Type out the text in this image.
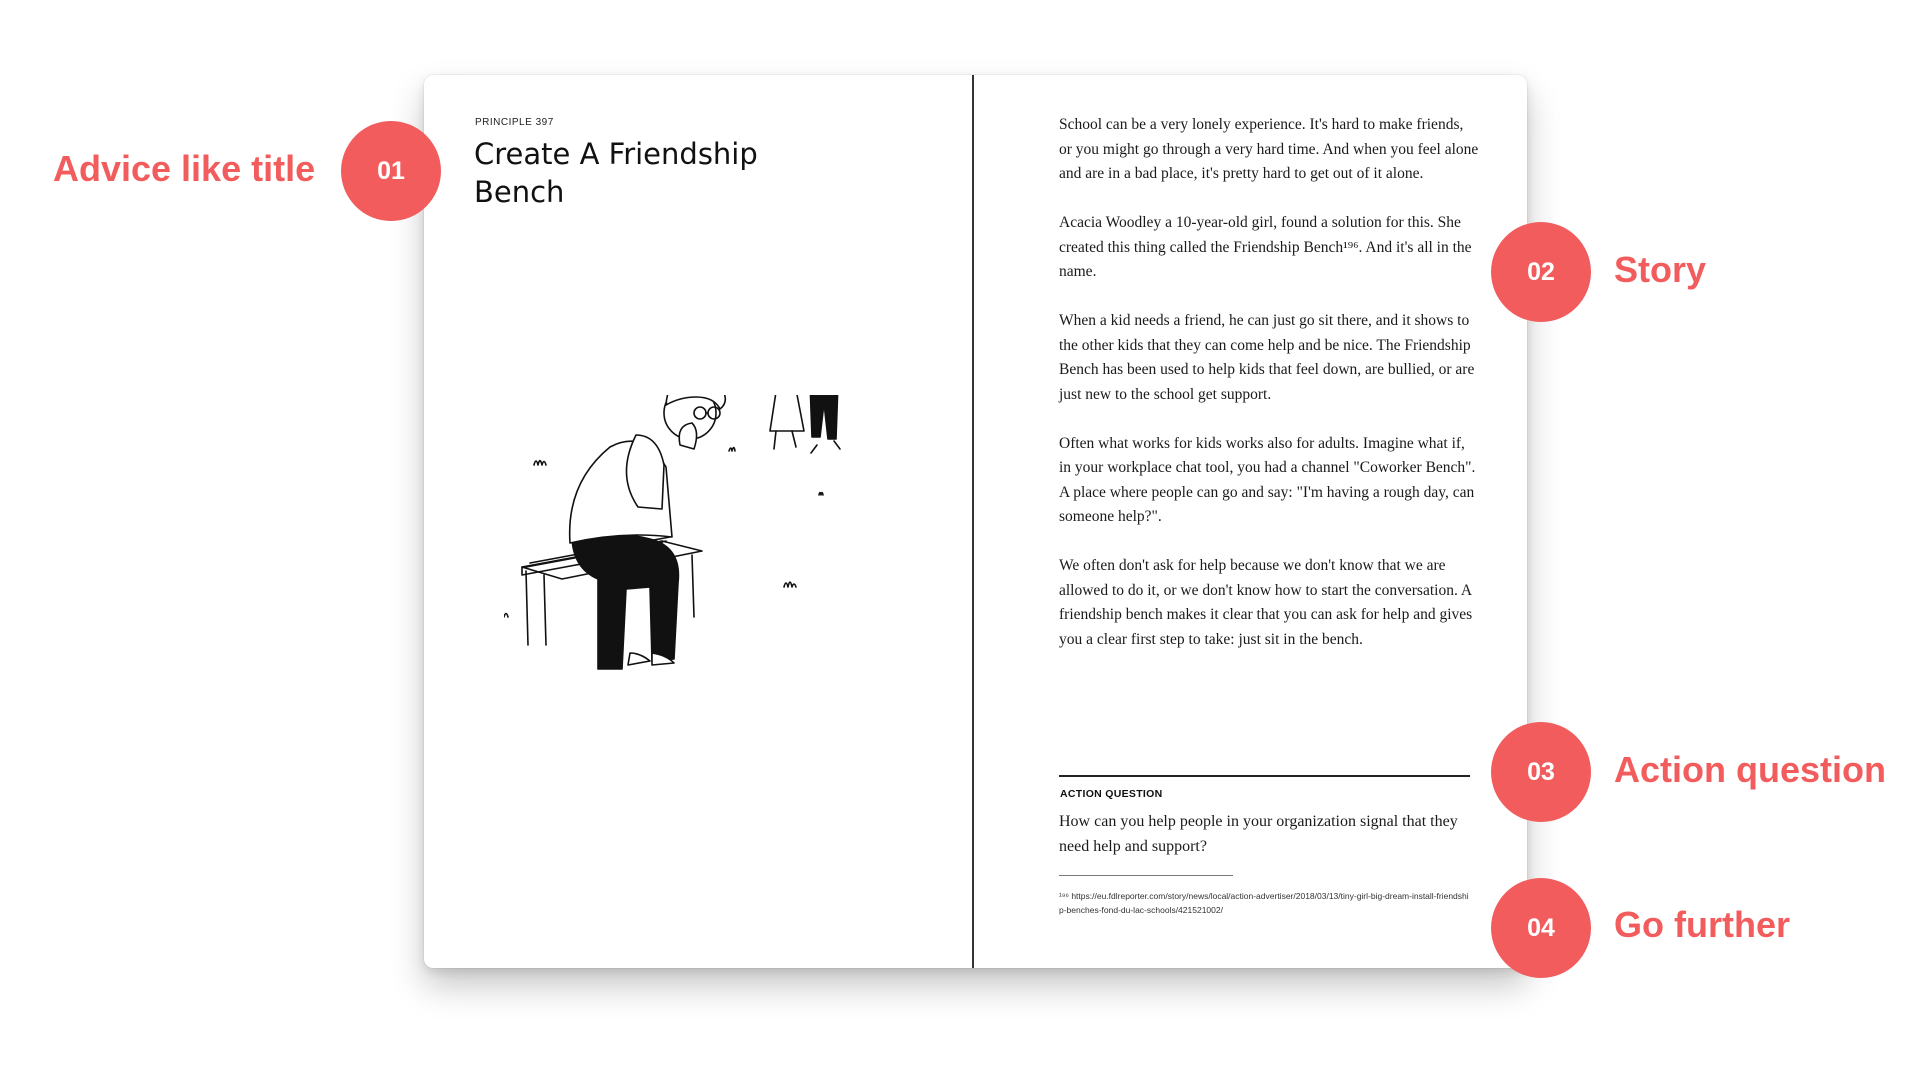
PRINCIPLE 397
Create A Friendship Bench

School can be a very lonely experience. It's hard to make friends, or you might go through a very hard time. And when you feel alone and are in a bad place, it's pretty hard to get out of it alone.

Acacia Woodley a 10-year-old girl, found a solution for this. She created this thing called the Friendship Bench¹⁹⁶. And it's all in the name.

When a kid needs a friend, he can just go sit there, and it shows to the other kids that they can come help and be nice. The Friendship Bench has been used to help kids that feel down, are bullied, or are just new to the school get support.

Often what works for kids works also for adults. Imagine what if, in your workplace chat tool, you had a channel "Coworker Bench". A place where people can go and say: "I'm having a rough day, can someone help?".

We often don't ask for help because we don't know that we are allowed to do it, or we don't know how to start the conversation. A friendship bench makes it clear that you can ask for help and gives you a clear first step to take: just sit in the bench.

ACTION QUESTION
How can you help people in your organization signal that they need help and support?
¹⁹⁶ https://eu.fdlreporter.com/story/news/local/action-advertiser/2018/03/13/tiny-girl-big-dream-install-friendship-benches-fond-du-lac-schools/421521002/
Advice like title	01
02	Story
03	Action question
04	Go further
